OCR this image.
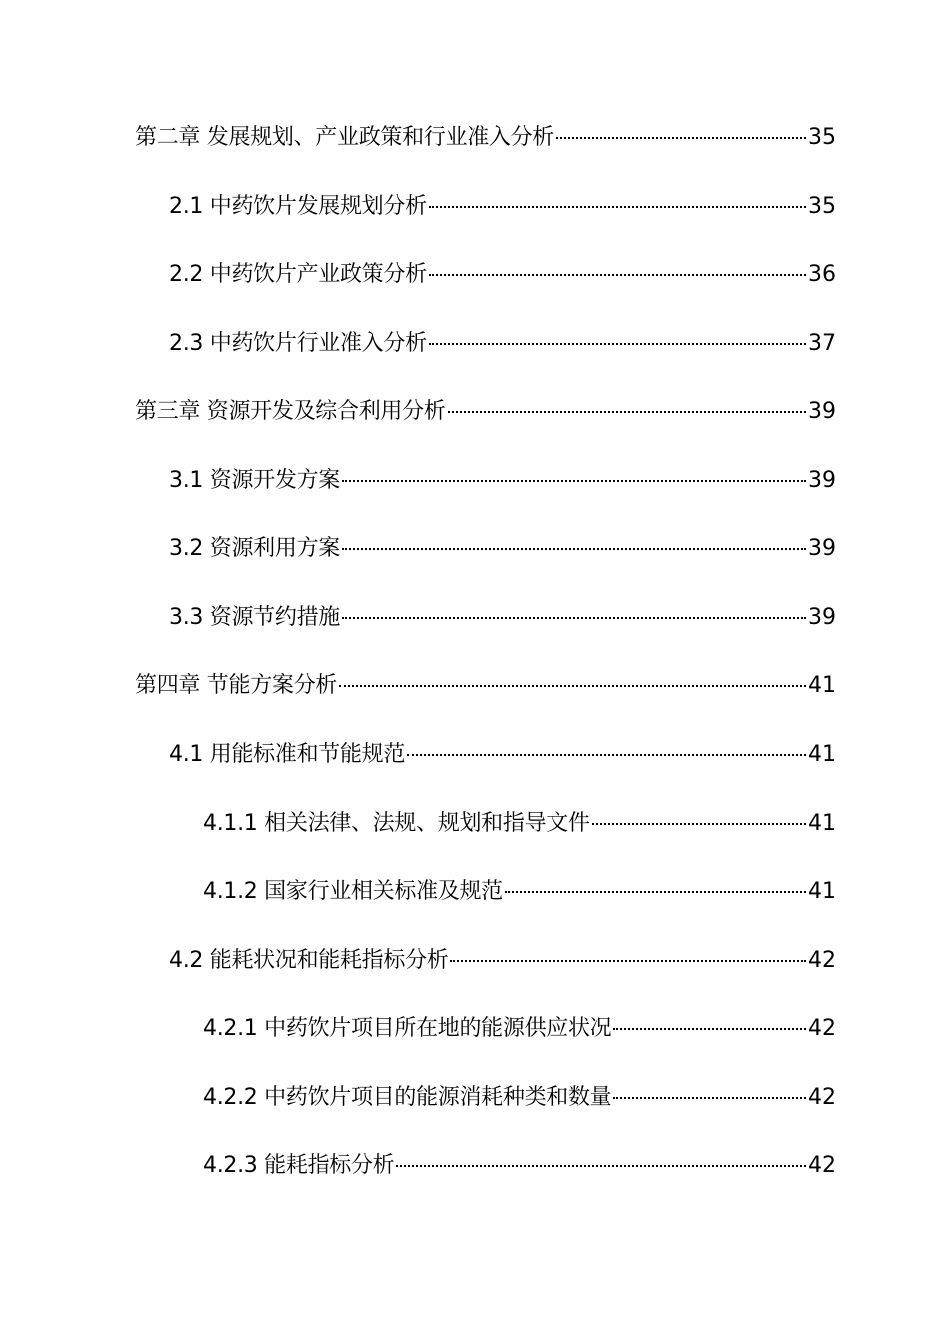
第二章 发展规划、产业政策和行业准入分析	35
2.1 中药饮片发展规划分析	35
2.2 中药饮片产业政策分析	36
2.3 中药饮片行业准入分析	37
第三章 资源开发及综合利用分析	39
3.1 资源开发方案	39
3.2 资源利用方案	39
3.3 资源节约措施	39
第四章 节能方案分析	41
4.1 用能标准和节能规范	41
4.1.1 相关法律、法规、规划和指导文件	41
4.1.2 国家行业相关标准及规范	41
4.2 能耗状况和能耗指标分析	42
4.2.1 中药饮片项目所在地的能源供应状况	42
4.2.2 中药饮片项目的能源消耗种类和数量	42
4.2.3 能耗指标分析	42
